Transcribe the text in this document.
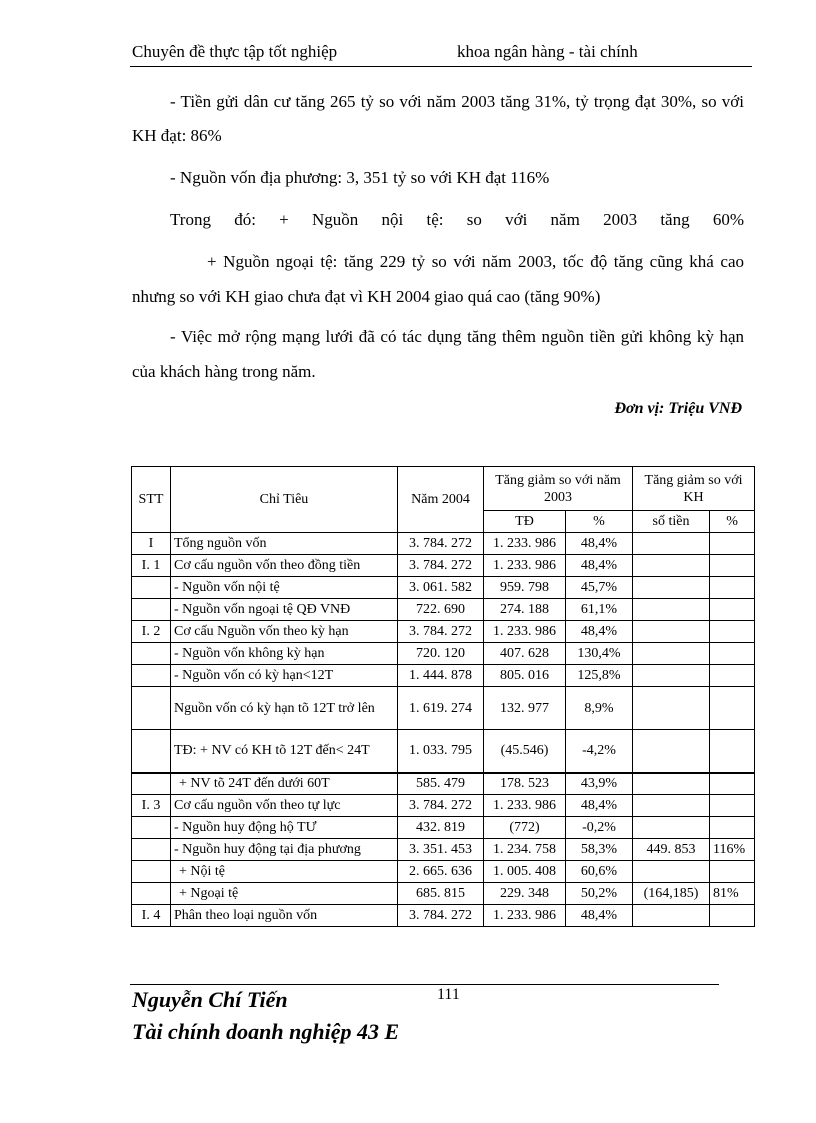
Chuyên đề thực tập tốt nghiệp	khoa ngân hàng - tài chính
- Tiền gửi dân cư tăng 265 tỷ so với năm 2003 tăng 31%, tỷ trọng đạt 30%, so với
KH đạt: 86%
- Nguồn vốn địa phương: 3, 351 tỷ so với KH đạt 116%
Trong đó: + Nguồn nội tệ: so với năm 2003 tăng 60%
+ Nguồn ngoại tệ: tăng 229 tỷ so với năm 2003, tốc độ tăng cũng khá cao
nhưng so với KH giao chưa đạt vì KH 2004 giao quá cao (tăng 90%)
- Việc mở rộng mạng lưới đã có tác dụng tăng thêm nguồn tiền gửi không kỳ hạn
của khách hàng trong năm.
Đơn vị: Triệu VNĐ
STT	Chỉ Tiêu	Năm 2004	Tăng giảm so với năm 2003		Tăng giảm so với KH	
			TĐ	%	số tiền	%
I	Tổng nguồn vốn	3. 784. 272	1. 233. 986	48,4%		
I. 1	Cơ cấu nguồn vốn theo đồng tiền	3. 784. 272	1. 233. 986	48,4%		
	- Nguồn vốn nội tệ	3. 061. 582	959. 798	45,7%		
	- Nguồn vốn ngoại tệ QĐ VNĐ	722. 690	274. 188	61,1%		
I. 2	Cơ cấu Nguồn vốn theo kỳ hạn	3. 784. 272	1. 233. 986	48,4%		
	- Nguồn vốn không kỳ hạn	720. 120	407. 628	130,4%		
	- Nguồn vốn có kỳ hạn<12T	1. 444. 878	805. 016	125,8%		
	Nguồn vốn có kỳ hạn tõ 12T trở lên	1. 619. 274	132. 977	8,9%		
	TĐ: + NV có KH tõ 12T đến< 24T	1. 033. 795	(45.546)	-4,2%		
	+ NV tõ 24T đến dưới 60T	585. 479	178. 523	43,9%		
I. 3	Cơ cấu nguồn vốn theo tự lực	3. 784. 272	1. 233. 986	48,4%		
	- Nguồn huy động hộ TƯ	432. 819	(772)	-0,2%		
	- Nguồn huy động tại địa phương	3. 351. 453	1. 234. 758	58,3%	449. 853	116%
	+ Nội tệ	2. 665. 636	1. 005. 408	60,6%		
	+ Ngoại tệ	685. 815	229. 348	50,2%	(164,185)	81%
I. 4	Phân theo loại nguồn vốn	3. 784. 272	1. 233. 986	48,4%		
111
Nguyễn Chí Tiến
Tài chính doanh nghiệp 43 E
